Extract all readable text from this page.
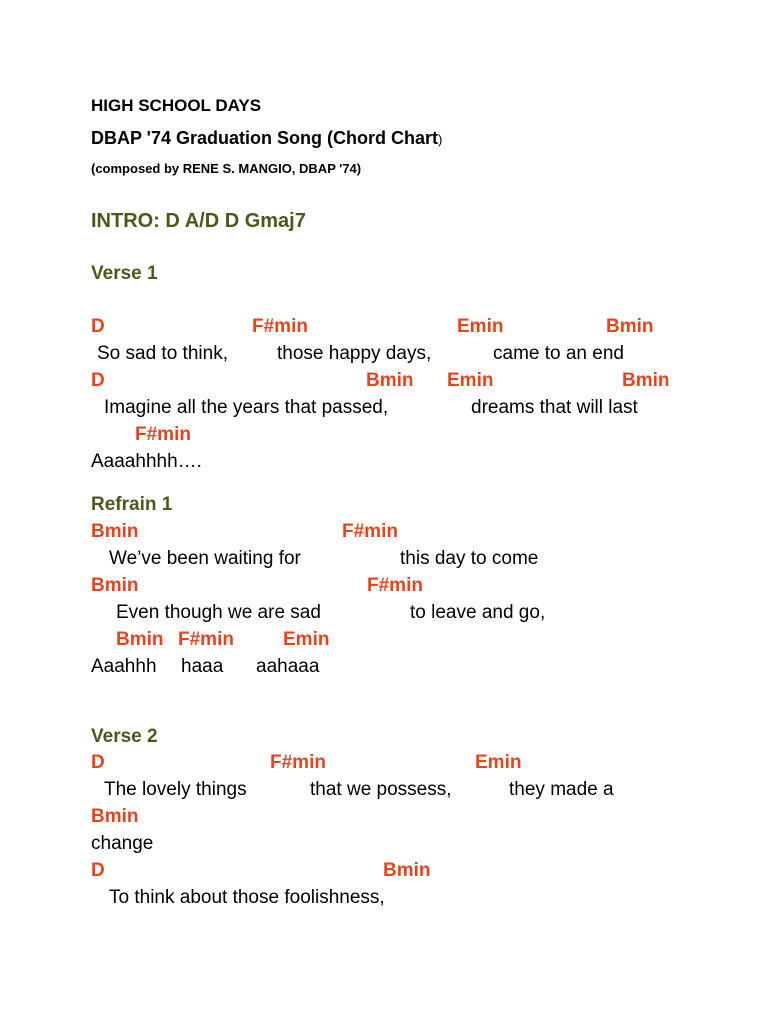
HIGH SCHOOL DAYS
DBAP '74 Graduation Song (Chord Chart)
(composed by RENE S. MANGIO, DBAP '74)
INTRO: D A/D D Gmaj7
Verse 1
D	F#min	Emin	Bmin
So sad to think,	those happy days,	came to an end
D	Bmin Emin	Bmin
Imagine all the years that passed,	dreams that will last
F#min
Aaaahhhh….
Refrain 1
Bmin	F#min
We’ve been waiting for	this day to come
Bmin	F#min
Even though we are sad	to leave and go,
Bmin F#min	Emin
Aaahhh haaa aahaaa
Verse 2
D	F#min	Emin
The lovely things	that we possess,	they made a
Bmin
change
D	Bmin
To think about those foolishness,
